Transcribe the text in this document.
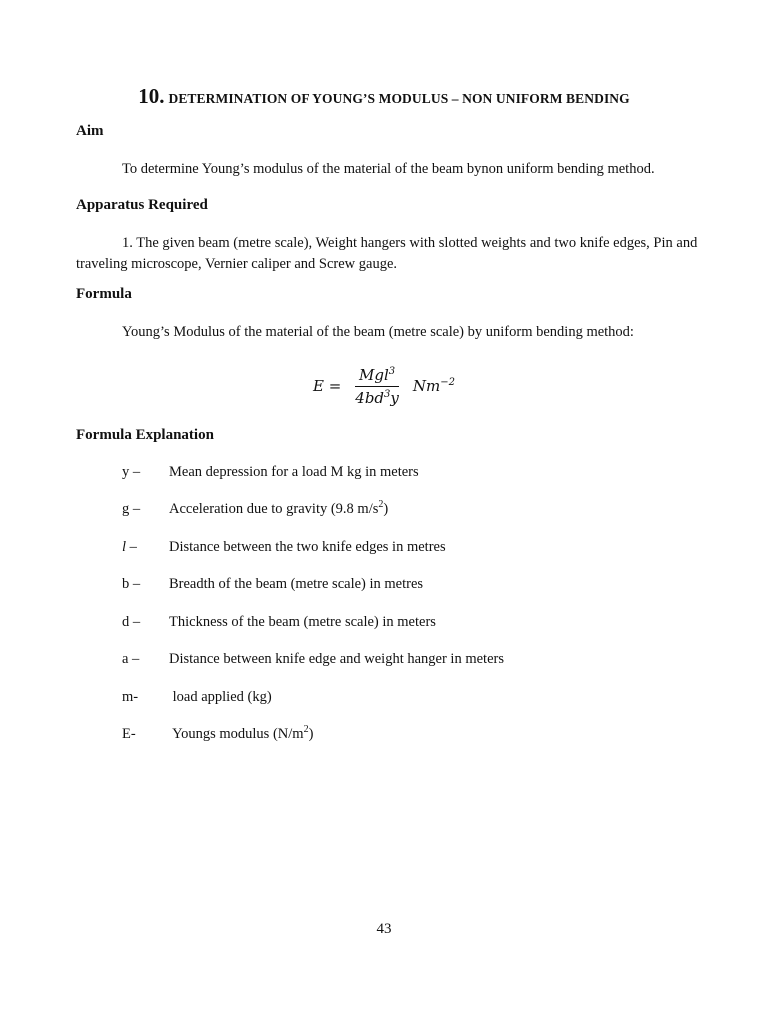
10. DETERMINATION OF YOUNG’S MODULUS – NON UNIFORM BENDING
Aim
To determine Young’s modulus of the material of the beam bynon uniform bending method.
Apparatus Required
1. The given beam (metre scale), Weight hangers with slotted weights and two knife edges, Pin and traveling microscope, Vernier caliper and Screw gauge.
Formula
Young’s Modulus of the material of the beam (metre scale) by uniform bending method:
$E = \frac{Mgl^3}{4bd^3y} Nm^{-2}$
Formula Explanation
y – Mean depression for a load M kg in meters
g – Acceleration due to gravity (9.8 $m/s^2$)
l – Distance between the two knife edges in metres
b – Breadth of the beam (metre scale) in metres
d – Thickness of the beam (metre scale) in meters
a – Distance between knife edge and weight hanger in meters
m- load applied (kg)
E- Youngs modulus $(N/m^2)$
43
